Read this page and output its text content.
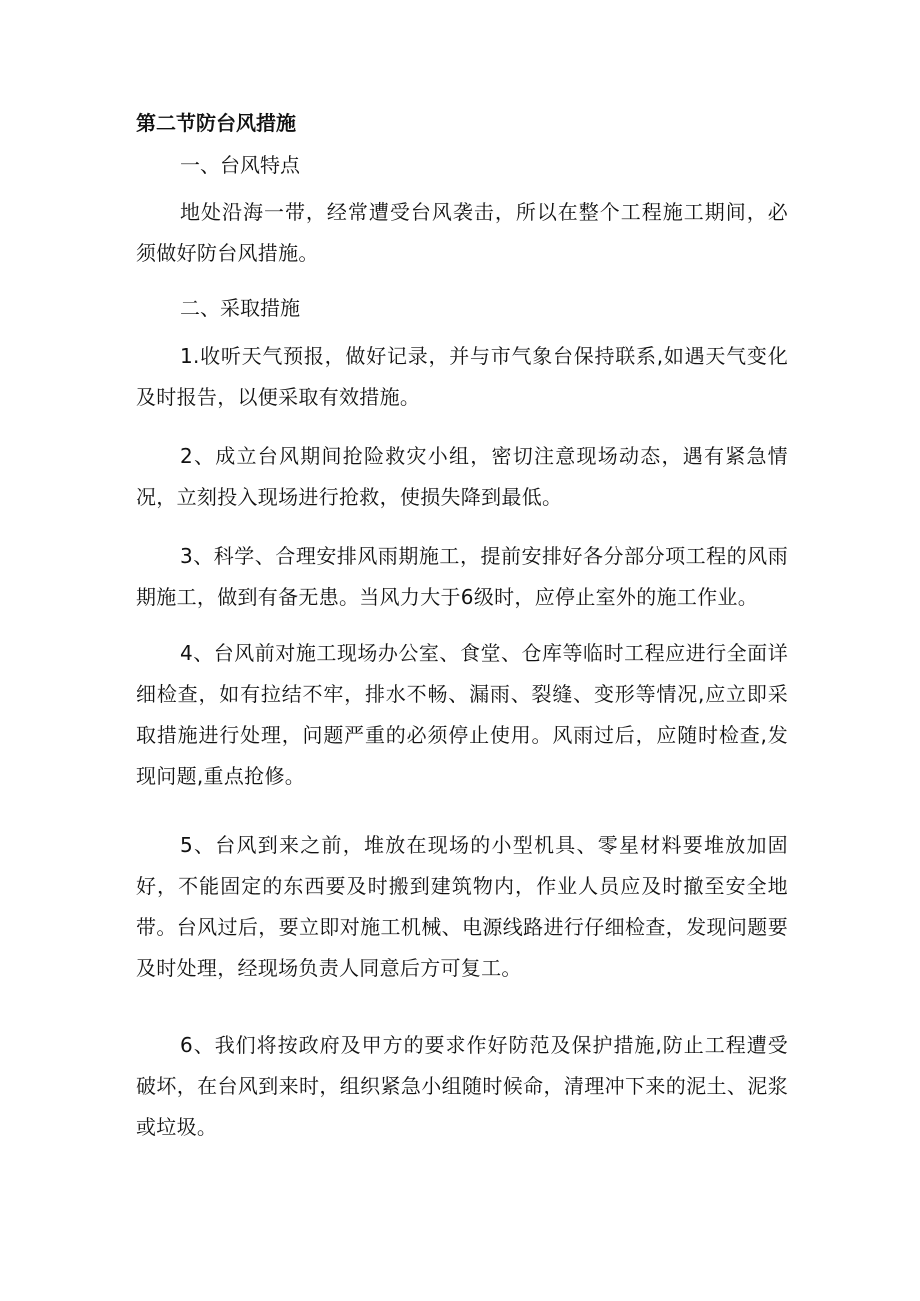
第二节防台风措施
一、台风特点

地处沿海一带，经常遭受台风袭击，所以在整个工程施工期间，必须做好防台风措施。

二、采取措施

1.收听天气预报，做好记录，并与市气象台保持联系,如遇天气变化及时报告，以便采取有效措施。

2、成立台风期间抢险救灾小组，密切注意现场动态，遇有紧急情况，立刻投入现场进行抢救，使损失降到最低。

3、科学、合理安排风雨期施工，提前安排好各分部分项工程的风雨期施工，做到有备无患。当风力大于6级时，应停止室外的施工作业。

4、台风前对施工现场办公室、食堂、仓库等临时工程应进行全面详细检查，如有拉结不牢，排水不畅、漏雨、裂缝、变形等情况,应立即采取措施进行处理，问题严重的必须停止使用。风雨过后，应随时检查,发现问题,重点抢修。

5、台风到来之前，堆放在现场的小型机具、零星材料要堆放加固好，不能固定的东西要及时搬到建筑物内，作业人员应及时撤至安全地带。台风过后，要立即对施工机械、电源线路进行仔细检查，发现问题要及时处理，经现场负责人同意后方可复工。

6、我们将按政府及甲方的要求作好防范及保护措施,防止工程遭受破坏，在台风到来时，组织紧急小组随时候命，清理冲下来的泥土、泥浆或垃圾。
